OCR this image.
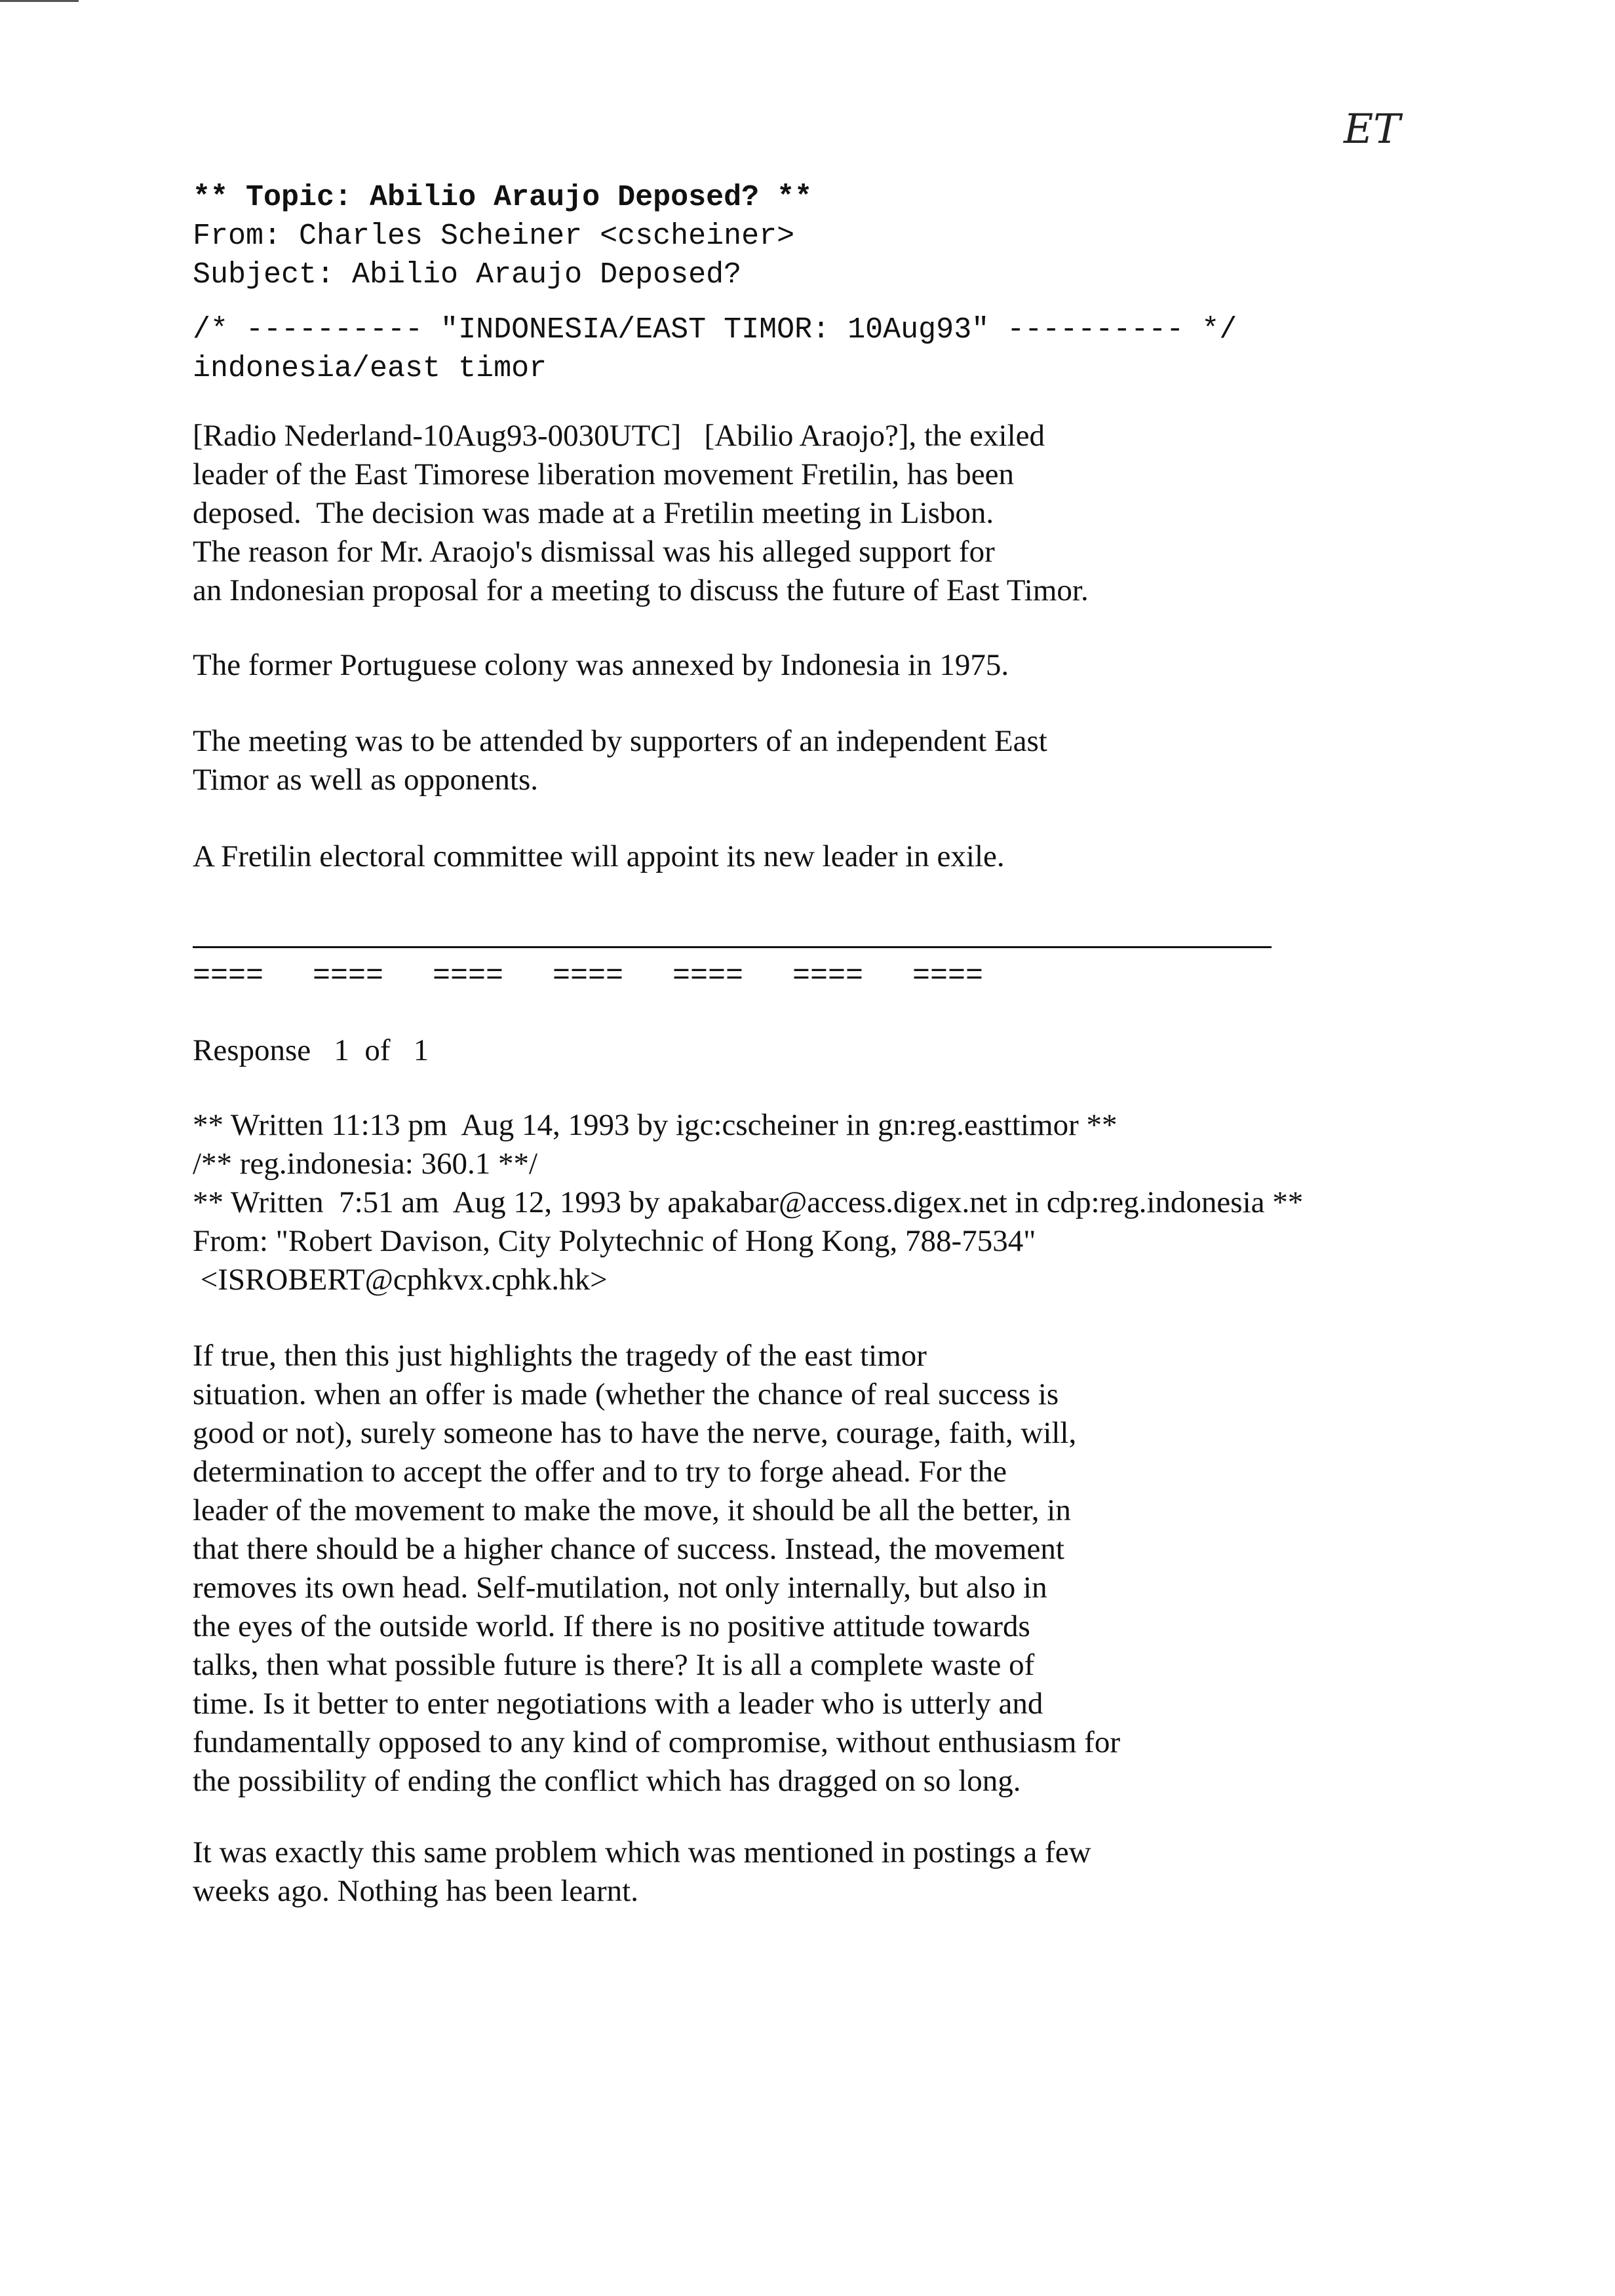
ET
** Topic: Abilio Araujo Deposed? **
From: Charles Scheiner <cscheiner>
Subject: Abilio Araujo Deposed?
/* ---------- "INDONESIA/EAST TIMOR: 10Aug93" ---------- */
indonesia/east timor
[Radio Nederland-10Aug93-0030UTC]   [Abilio Araojo?], the exiled
leader of the East Timorese liberation movement Fretilin, has been
deposed.  The decision was made at a Fretilin meeting in Lisbon.
The reason for Mr. Araojo's dismissal was his alleged support for
an Indonesian proposal for a meeting to discuss the future of East Timor.
The former Portuguese colony was annexed by Indonesia in 1975.
The meeting was to be attended by supporters of an independent East
Timor as well as opponents.
A Fretilin electoral committee will appoint its new leader in exile.
==== ==== ==== ==== ==== ==== ====
Response   1  of   1
** Written 11:13 pm  Aug 14, 1993 by igc:cscheiner in gn:reg.easttimor **
/** reg.indonesia: 360.1 **/
** Written  7:51 am  Aug 12, 1993 by apakabar@access.digex.net in cdp:reg.indonesia **
From: "Robert Davison, City Polytechnic of Hong Kong, 788-7534"
<ISROBERT@cphkvx.cphk.hk>
If true, then this just highlights the tragedy of the east timor
situation. when an offer is made (whether the chance of real success is
good or not), surely someone has to have the nerve, courage, faith, will,
determination to accept the offer and to try to forge ahead. For the
leader of the movement to make the move, it should be all the better, in
that there should be a higher chance of success. Instead, the movement
removes its own head. Self-mutilation, not only internally, but also in
the eyes of the outside world. If there is no positive attitude towards
talks, then what possible future is there? It is all a complete waste of
time. Is it better to enter negotiations with a leader who is utterly and
fundamentally opposed to any kind of compromise, without enthusiasm for
the possibility of ending the conflict which has dragged on so long.
It was exactly this same problem which was mentioned in postings a few
weeks ago. Nothing has been learnt.
